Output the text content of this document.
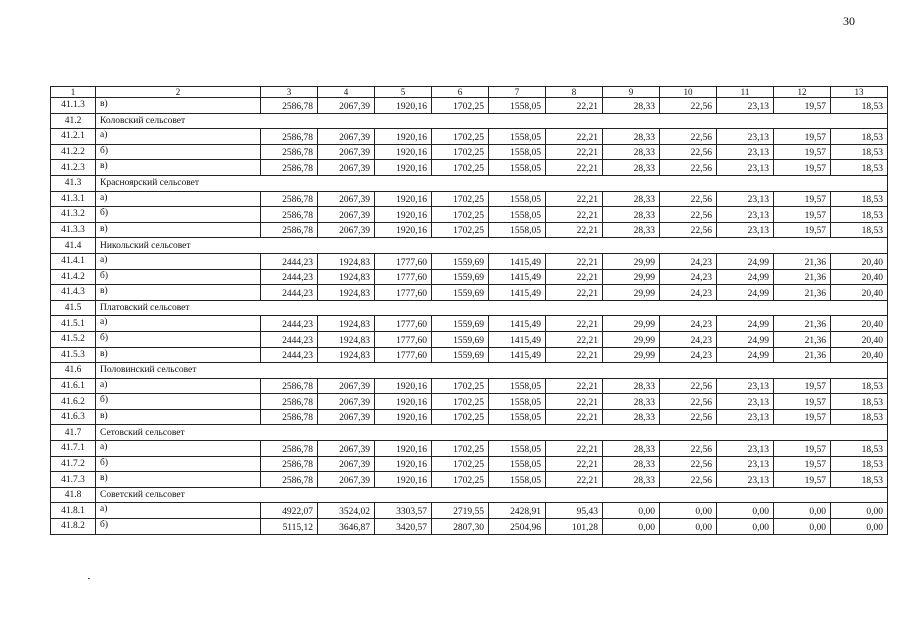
30
1	2	3	4	5	6	7	8	9	10	11	12	13
41.1.3	в)	2586,78	2067,39	1920,16	1702,25	1558,05	22,21	28,33	22,56	23,13	19,57	18,53
41.2	Коловский сельсовет											
41.2.1	а)	2586,78	2067,39	1920,16	1702,25	1558,05	22,21	28,33	22,56	23,13	19,57	18,53
41.2.2	б)	2586,78	2067,39	1920,16	1702,25	1558,05	22,21	28,33	22,56	23,13	19,57	18,53
41.2.3	в)	2586,78	2067,39	1920,16	1702,25	1558,05	22,21	28,33	22,56	23,13	19,57	18,53
41.3	Красноярский сельсовет											
41.3.1	а)	2586,78	2067,39	1920,16	1702,25	1558,05	22,21	28,33	22,56	23,13	19,57	18,53
41.3.2	б)	2586,78	2067,39	1920,16	1702,25	1558,05	22,21	28,33	22,56	23,13	19,57	18,53
41.3.3	в)	2586,78	2067,39	1920,16	1702,25	1558,05	22,21	28,33	22,56	23,13	19,57	18,53
41.4	Никольский сельсовет											
41.4.1	а)	2444,23	1924,83	1777,60	1559,69	1415,49	22,21	29,99	24,23	24,99	21,36	20,40
41.4.2	б)	2444,23	1924,83	1777,60	1559,69	1415,49	22,21	29,99	24,23	24,99	21,36	20,40
41.4.3	в)	2444,23	1924,83	1777,60	1559,69	1415,49	22,21	29,99	24,23	24,99	21,36	20,40
41.5	Платовский сельсовет											
41.5.1	а)	2444,23	1924,83	1777,60	1559,69	1415,49	22,21	29,99	24,23	24,99	21,36	20,40
41.5.2	б)	2444,23	1924,83	1777,60	1559,69	1415,49	22,21	29,99	24,23	24,99	21,36	20,40
41.5.3	в)	2444,23	1924,83	1777,60	1559,69	1415,49	22,21	29,99	24,23	24,99	21,36	20,40
41.6	Половинский сельсовет											
41.6.1	а)	2586,78	2067,39	1920,16	1702,25	1558,05	22,21	28,33	22,56	23,13	19,57	18,53
41.6.2	б)	2586,78	2067,39	1920,16	1702,25	1558,05	22,21	28,33	22,56	23,13	19,57	18,53
41.6.3	в)	2586,78	2067,39	1920,16	1702,25	1558,05	22,21	28,33	22,56	23,13	19,57	18,53
41.7	Сетовский сельсовет											
41.7.1	а)	2586,78	2067,39	1920,16	1702,25	1558,05	22,21	28,33	22,56	23,13	19,57	18,53
41.7.2	б)	2586,78	2067,39	1920,16	1702,25	1558,05	22,21	28,33	22,56	23,13	19,57	18,53
41.7.3	в)	2586,78	2067,39	1920,16	1702,25	1558,05	22,21	28,33	22,56	23,13	19,57	18,53
41.8	Советский сельсовет											
41.8.1	а)	4922,07	3524,02	3303,57	2719,55	2428,91	95,43	0,00	0,00	0,00	0,00	0,00
41.8.2	б)	5115,12	3646,87	3420,57	2807,30	2504,96	101,28	0,00	0,00	0,00	0,00	0,00
